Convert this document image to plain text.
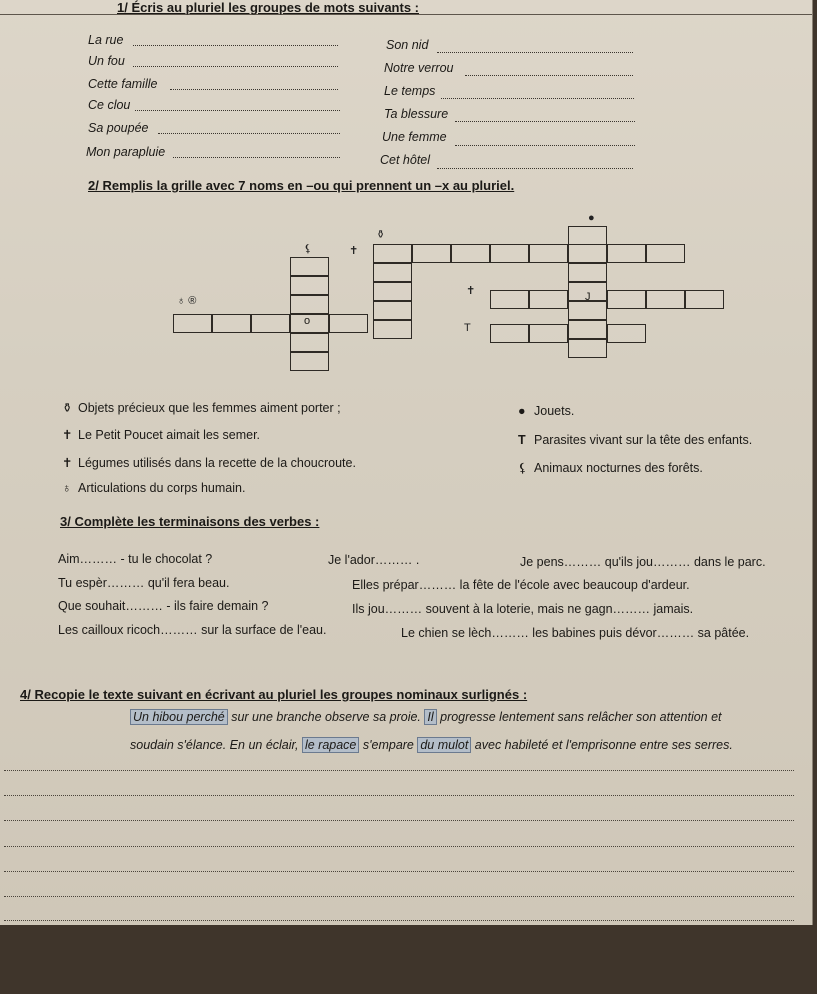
1/ Écris au pluriel les groupes de mots suivants :
La rue
Un fou
Cette famille
Ce clou
Sa poupée
Mon parapluie
Son nid
Notre verrou
Le temps
Ta blessure
Une femme
Cet hôtel
2/ Remplis la grille avec 7 noms en –ou qui prennent un –x au pluriel.
J
o
●
⚱
⚸	✝
✝
T
♁ ®
⚱ Objets précieux que les femmes aiment porter ;
✝ Le Petit Poucet aimait les semer.
✝ Légumes utilisés dans la recette de la choucroute.
♁ Articulations du corps humain.
● Jouets.
T Parasites vivant sur la tête des enfants.
⚸ Animaux nocturnes des forêts.
3/ Complète les terminaisons des verbes :
Aim……… - tu le chocolat ?	Je l'ador……… .	Je pens……… qu'ils jou……… dans le parc.
Tu espèr……… qu'il fera beau.	Elles prépar……… la fête de l'école avec beaucoup d'ardeur.
Que souhait……… - ils faire demain ?	Ils jou……… souvent à la loterie, mais ne gagn……… jamais.
Les cailloux ricoch……… sur la surface de l'eau.	Le chien se lèch……… les babines puis dévor……… sa pâtée.
4/ Recopie le texte suivant en écrivant au pluriel les groupes nominaux surlignés :
Un hibou perché sur une branche observe sa proie. Il progresse lentement sans relâcher son attention et
soudain s'élance. En un éclair, le rapace s'empare du mulot avec habileté et l'emprisonne entre ses serres.
